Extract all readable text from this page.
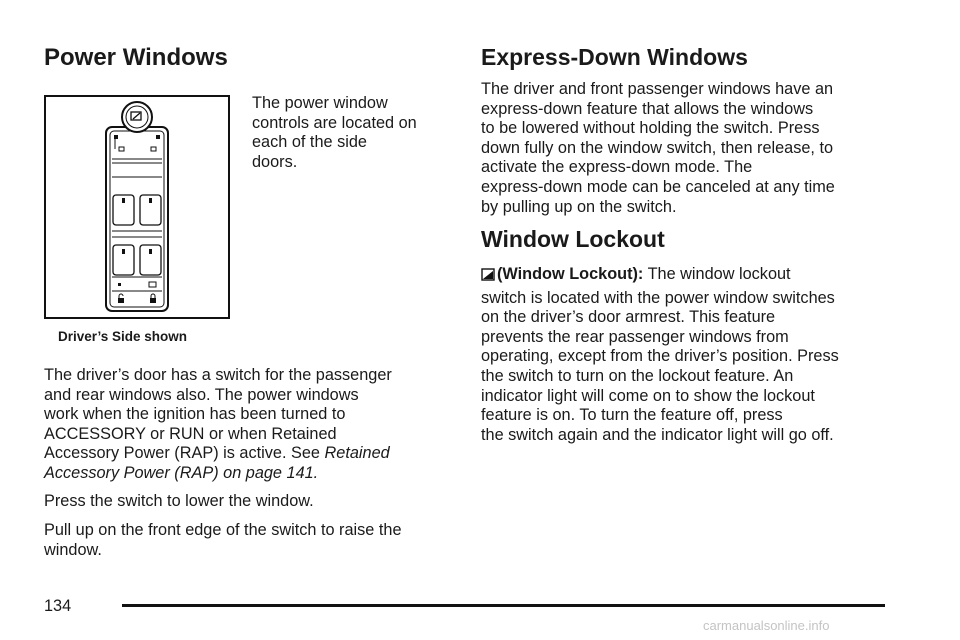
Power Windows
Driver’s Side shown
The power window
controls are located on
each of the side
doors.
The driver’s door has a switch for the passenger
and rear windows also. The power windows
work when the ignition has been turned to
ACCESSORY or RUN or when Retained
Accessory Power (RAP) is active. See Retained
Accessory Power (RAP) on page 141.
Press the switch to lower the window.
Pull up on the front edge of the switch to raise the
window.
Express-Down Windows
The driver and front passenger windows have an
express-down feature that allows the windows
to be lowered without holding the switch. Press
down fully on the window switch, then release, to
activate the express-down mode. The
express-down mode can be canceled at any time
by pulling up on the switch.
Window Lockout
(Window Lockout): The window lockout
switch is located with the power window switches
on the driver’s door armrest. This feature
prevents the rear passenger windows from
operating, except from the driver’s position. Press
the switch to turn on the lockout feature. An
indicator light will come on to show the lockout
feature is on. To turn the feature off, press
the switch again and the indicator light will go off.
134
carmanualsonline.info
